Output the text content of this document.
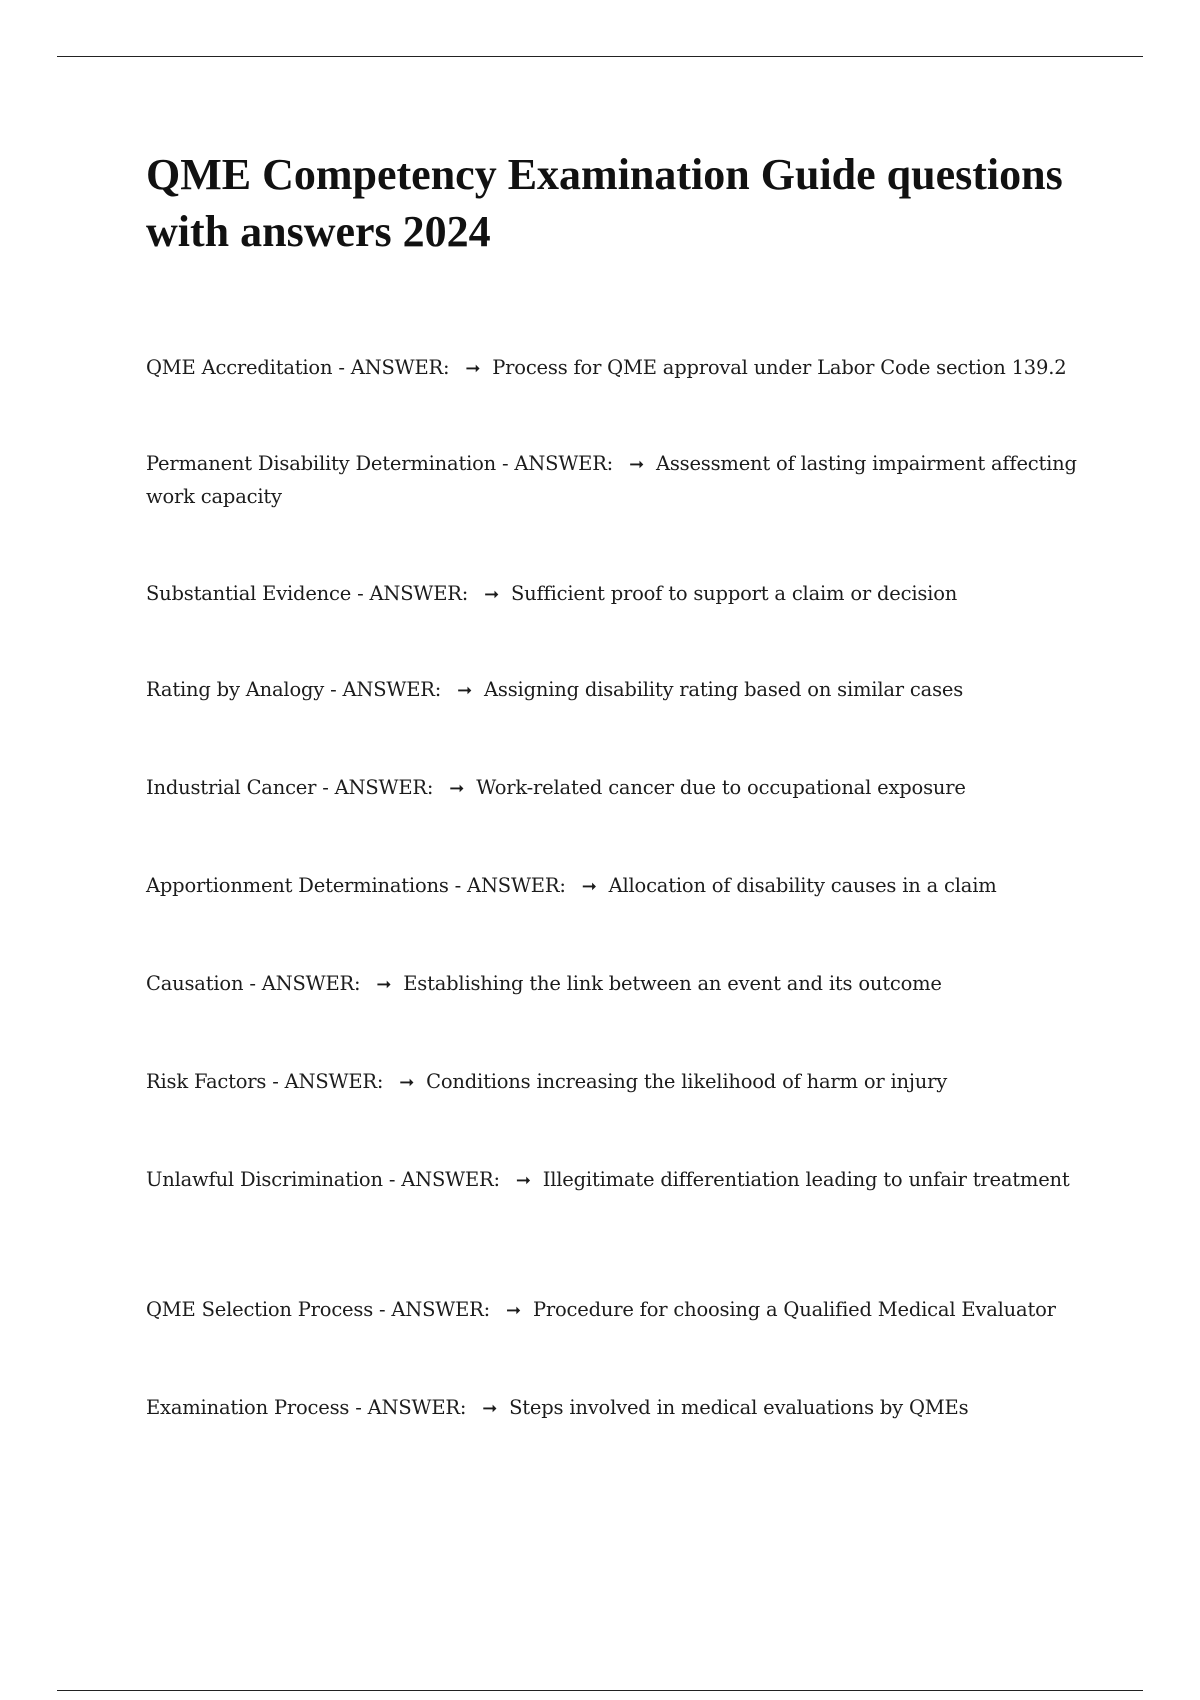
QME Competency Examination Guide questions with answers 2024
QME Accreditation - ANSWER: ➞ Process for QME approval under Labor Code section 139.2
Permanent Disability Determination - ANSWER: ➞ Assessment of lasting impairment affecting work capacity
Substantial Evidence - ANSWER: ➞ Sufficient proof to support a claim or decision
Rating by Analogy - ANSWER: ➞ Assigning disability rating based on similar cases
Industrial Cancer - ANSWER: ➞ Work-related cancer due to occupational exposure
Apportionment Determinations - ANSWER: ➞ Allocation of disability causes in a claim
Causation - ANSWER: ➞ Establishing the link between an event and its outcome
Risk Factors - ANSWER: ➞ Conditions increasing the likelihood of harm or injury
Unlawful Discrimination - ANSWER: ➞ Illegitimate differentiation leading to unfair treatment
QME Selection Process - ANSWER: ➞ Procedure for choosing a Qualified Medical Evaluator
Examination Process - ANSWER: ➞ Steps involved in medical evaluations by QMEs
